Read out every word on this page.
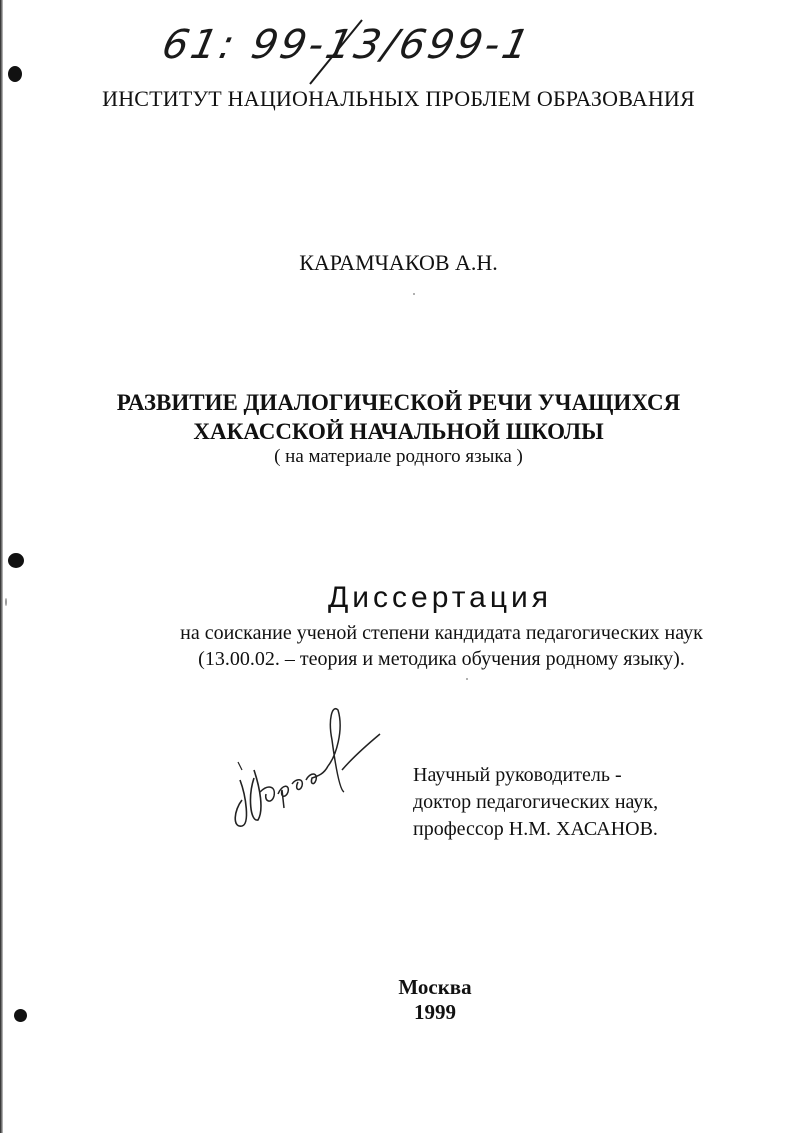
61: 99-13/699-1
ИНСТИТУТ НАЦИОНАЛЬНЫХ ПРОБЛЕМ ОБРАЗОВАНИЯ
КАРАМЧАКОВ А.Н.
РАЗВИТИЕ ДИАЛОГИЧЕСКОЙ РЕЧИ УЧАЩИХСЯ
ХАКАССКОЙ НАЧАЛЬНОЙ ШКОЛЫ
( на материале родного языка )
Диссертация
на соискание ученой степени кандидата педагогических наук
(13.00.02. – теория и методика обучения родному языку).
Научный руководитель -
доктор педагогических наук,
профессор Н.М. ХАСАНОВ.
Москва
1999
